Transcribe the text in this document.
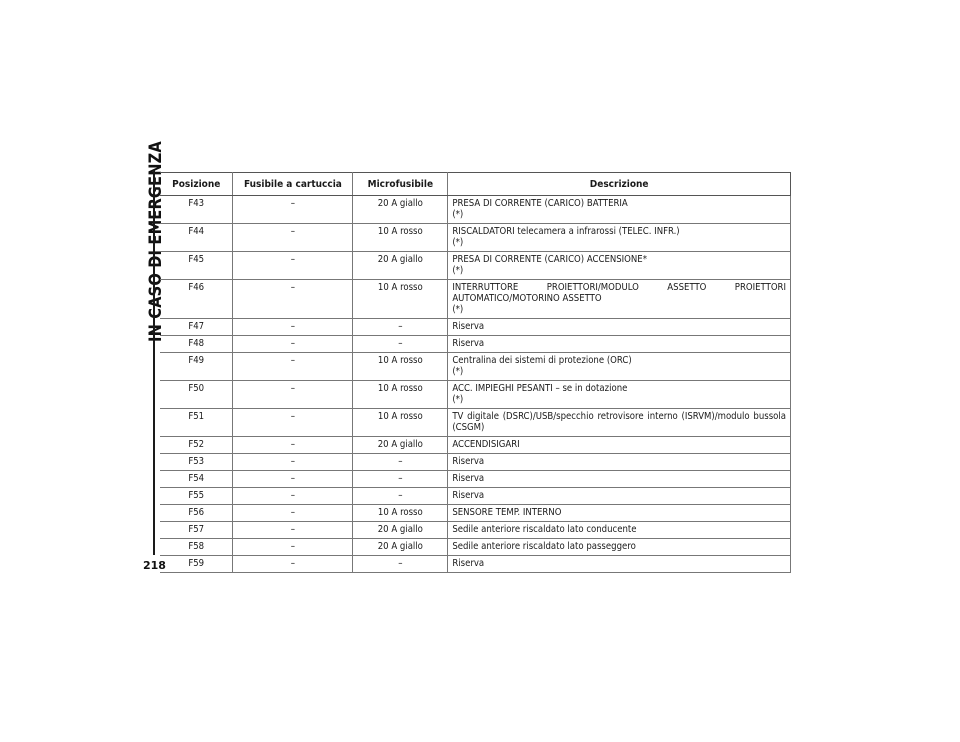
IN CASO DI EMERGENZA
218
Posizione	Fusibile a cartuccia	Microfusibile	Descrizione
F43	–	20 A giallo	PRESA DI CORRENTE (CARICO) BATTERIA
(*)

F44	–	10 A rosso	RISCALDATORI telecamera a infrarossi (TELEC. INFR.)
(*)

F45	–	20 A giallo	PRESA DI CORRENTE (CARICO) ACCENSIONE*
(*)

F46	–	10 A rosso	INTERRUTTORE PROIETTORI/MODULO ASSETTO PROIETTORI AUTOMATICO/MOTORINO ASSETTO
(*)

F47	–	–	Riserva

F48	–	–	Riserva

F49	–	10 A rosso	Centralina dei sistemi di protezione (ORC)
(*)

F50	–	10 A rosso	ACC. IMPIEGHI PESANTI – se in dotazione
(*)

F51	–	10 A rosso	TV digitale (DSRC)/USB/specchio retrovisore interno (ISRVM)/modulo bussola (CSGM)

F52	–	20 A giallo	ACCENDISIGARI

F53	–	–	Riserva

F54	–	–	Riserva

F55	–	–	Riserva

F56	–	10 A rosso	SENSORE TEMP. INTERNO

F57	–	20 A giallo	Sedile anteriore riscaldato lato conducente

F58	–	20 A giallo	Sedile anteriore riscaldato lato passeggero

F59	–	–	Riserva
